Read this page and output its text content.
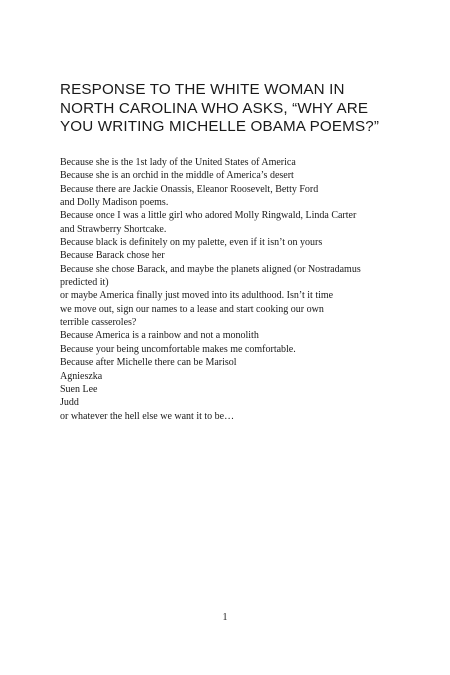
RESPONSE TO THE WHITE WOMAN IN
NORTH CAROLINA WHO ASKS, “WHY ARE
YOU WRITING MICHELLE OBAMA POEMS?”
Because she is the 1st lady of the United States of America
Because she is an orchid in the middle of America’s desert
Because there are Jackie Onassis, Eleanor Roosevelt, Betty Ford
and Dolly Madison poems.
Because once I was a little girl who adored Molly Ringwald, Linda Carter
and Strawberry Shortcake.
Because black is definitely on my palette, even if it isn’t on yours
Because Barack chose her
Because she chose Barack, and maybe the planets aligned (or Nostradamus
predicted it)
or maybe America finally just moved into its adulthood. Isn’t it time
we move out, sign our names to a lease and start cooking our own
terrible casseroles?
Because America is a rainbow and not a monolith
Because your being uncomfortable makes me comfortable.
Because after Michelle there can be Marisol
Agnieszka
Suen Lee
Judd
or whatever the hell else we want it to be…
1
